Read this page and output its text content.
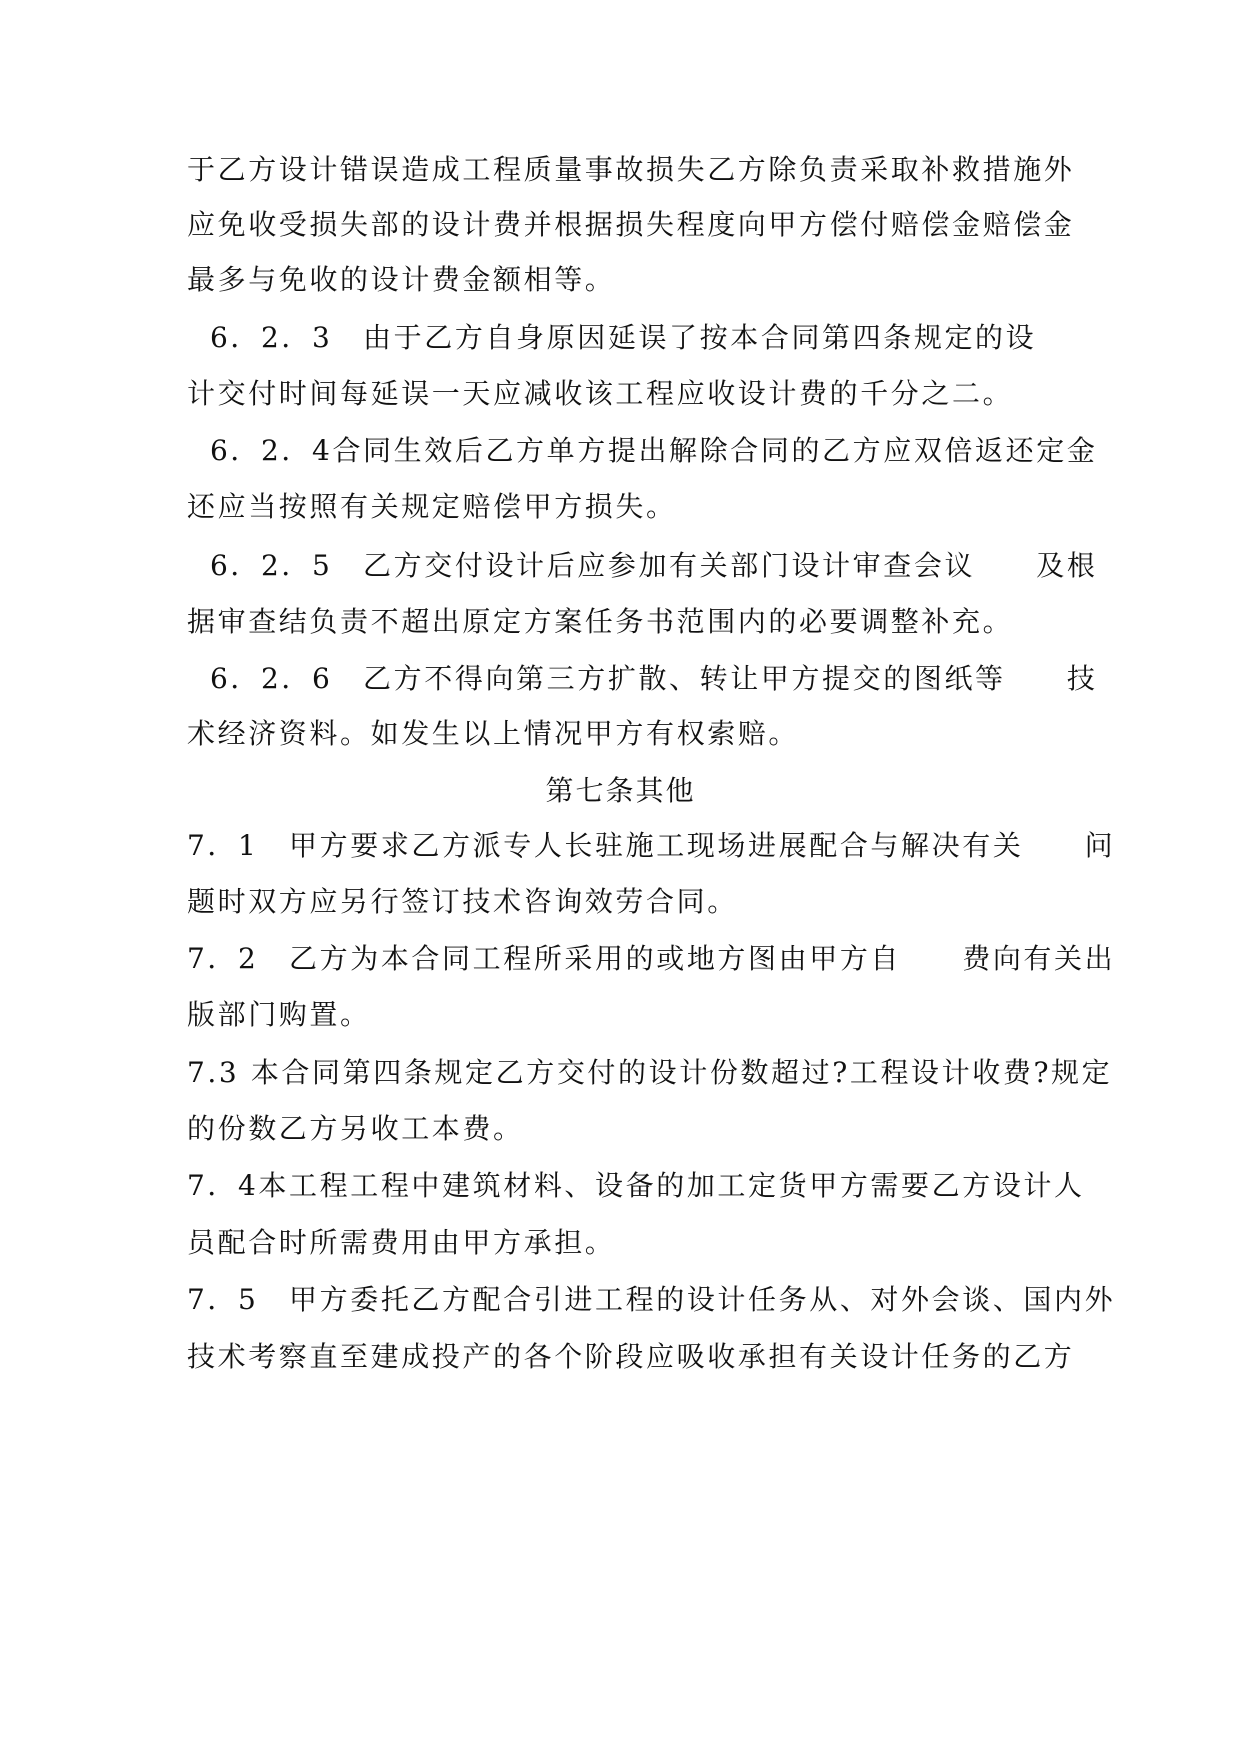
于乙方设计错误造成工程质量事故损失乙方除负责采取补救措施外
应免收受损失部的设计费并根据损失程度向甲方偿付赔偿金赔偿金
最多与免收的设计费金额相等。
6．2．3　由于乙方自身原因延误了按本合同第四条规定的设
计交付时间每延误一天应减收该工程应收设计费的千分之二。
6．2．4合同生效后乙方单方提出解除合同的乙方应双倍返还定金
还应当按照有关规定赔偿甲方损失。
6．2．5　乙方交付设计后应参加有关部门设计审查会议　　及根
据审查结负责不超出原定方案任务书范围内的必要调整补充。
6．2．6　乙方不得向第三方扩散、转让甲方提交的图纸等　　技
术经济资料。如发生以上情况甲方有权索赔。
第七条其他
7．1　甲方要求乙方派专人长驻施工现场进展配合与解决有关　　问
题时双方应另行签订技术咨询效劳合同。
7．2　乙方为本合同工程所采用的或地方图由甲方自　　费向有关出
版部门购置。
7.3 本合同第四条规定乙方交付的设计份数超过?工程设计收费?规定
的份数乙方另收工本费。
7．4本工程工程中建筑材料、设备的加工定货甲方需要乙方设计人
员配合时所需费用由甲方承担。
7．5　甲方委托乙方配合引进工程的设计任务从、对外会谈、国内外
技术考察直至建成投产的各个阶段应吸收承担有关设计任务的乙方
